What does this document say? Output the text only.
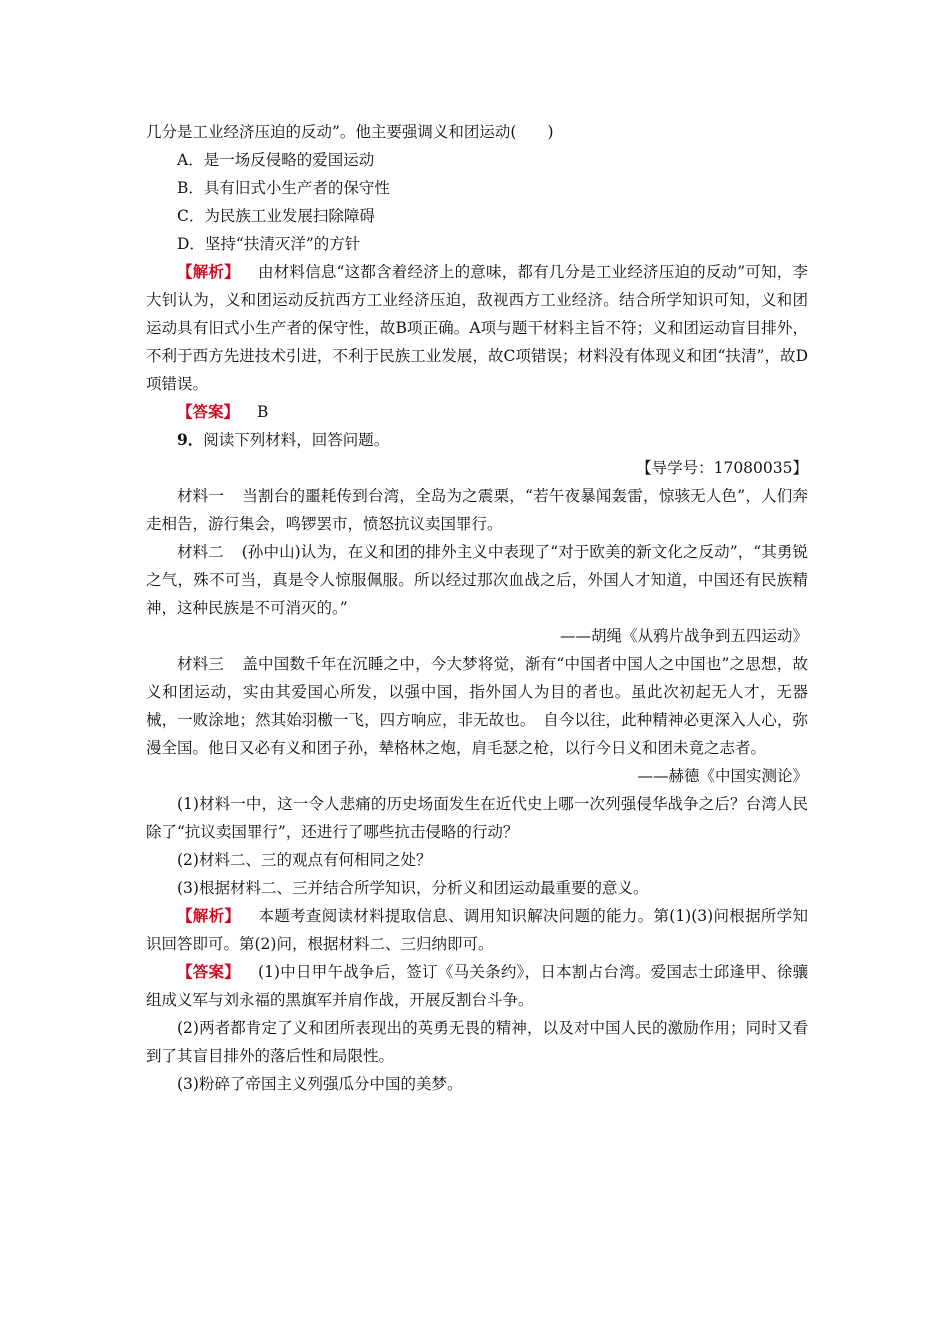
几分是工业经济压迫的反动”。他主要强调义和团运动(　　)

A．是一场反侵略的爱国运动

B．具有旧式小生产者的保守性

C．为民族工业发展扫除障碍

D．坚持“扶清灭洋”的方针

【解析】 由材料信息“这都含着经济上的意味，都有几分是工业经济压迫的反动”可知，李大钊认为，义和团运动反抗西方工业经济压迫，敌视西方工业经济。结合所学知识可知，义和团运动具有旧式小生产者的保守性，故B项正确。A项与题干材料主旨不符；义和团运动盲目排外，不利于西方先进技术引进，不利于民族工业发展，故C项错误；材料没有体现义和团“扶清”，故D项错误。

【答案】 B

9．阅读下列材料，回答问题。

【导学号：17080035】

材料一 当割台的噩耗传到台湾，全岛为之震栗，“若午夜暴闻轰雷，惊骇无人色”，人们奔走相告，游行集会，鸣锣罢市，愤怒抗议卖国罪行。

材料二 (孙中山)认为，在义和团的排外主义中表现了“对于欧美的新文化之反动”，“其勇锐之气，殊不可当，真是令人惊服佩服。所以经过那次血战之后，外国人才知道，中国还有民族精神，这种民族是不可消灭的。”

——胡绳《从鸦片战争到五四运动》

材料三 盖中国数千年在沉睡之中，今大梦将觉，渐有“中国者中国人之中国也”之思想，故义和团运动，实由其爱国心所发，以强中国，指外国人为目的者也。虽此次初起无人才，无器械，一败涂地；然其始羽檄一飞，四方响应，非无故也。　自今以往，此种精神必更深入人心，弥漫全国。他日又必有义和团子孙，辇格林之炮，肩毛瑟之枪，以行今日义和团未竟之志者。

——赫德《中国实测论》

(1)材料一中，这一令人悲痛的历史场面发生在近代史上哪一次列强侵华战争之后？台湾人民除了“抗议卖国罪行”，还进行了哪些抗击侵略的行动？

(2)材料二、三的观点有何相同之处？

(3)根据材料二、三并结合所学知识，分析义和团运动最重要的意义。

【解析】 本题考查阅读材料提取信息、调用知识解决问题的能力。第(1)(3)问根据所学知识回答即可。第(2)问，根据材料二、三归纳即可。

【答案】 (1)中日甲午战争后，签订《马关条约》，日本割占台湾。爱国志士邱逢甲、徐骧组成义军与刘永福的黑旗军并肩作战，开展反割台斗争。

(2)两者都肯定了义和团所表现出的英勇无畏的精神，以及对中国人民的激励作用；同时又看到了其盲目排外的落后性和局限性。

(3)粉碎了帝国主义列强瓜分中国的美梦。
